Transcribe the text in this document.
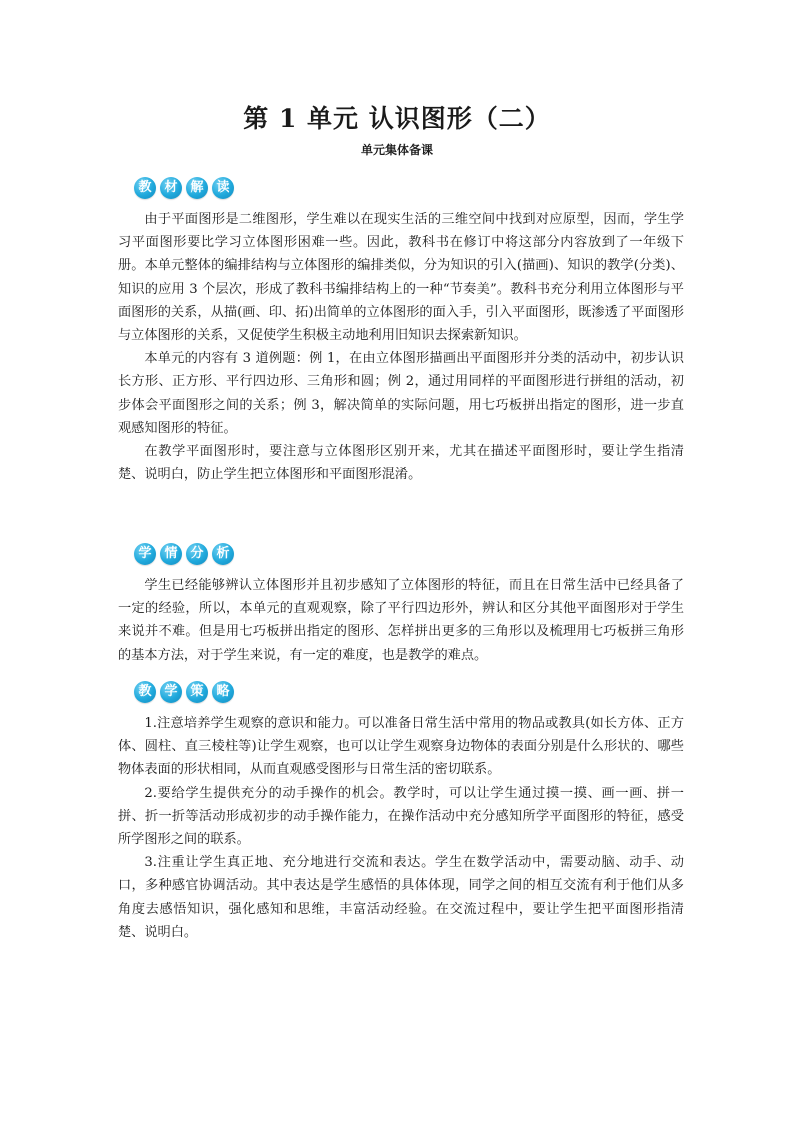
第 1 单元 认识图形（二）
单元集体备课
教 材 解 读

由于平面图形是二维图形，学生难以在现实生活的三维空间中找到对应原型，因而，学生学习平面图形要比学习立体图形困难一些。因此，教科书在修订中将这部分内容放到了一年级下册。本单元整体的编排结构与立体图形的编排类似，分为知识的引入(描画)、知识的教学(分类)、知识的应用 3 个层次，形成了教科书编排结构上的一种“节奏美”。教科书充分利用立体图形与平面图形的关系，从描(画、印、拓)出简单的立体图形的面入手，引入平面图形，既渗透了平面图形与立体图形的关系，又促使学生积极主动地利用旧知识去探索新知识。

本单元的内容有 3 道例题：例 1，在由立体图形描画出平面图形并分类的活动中，初步认识长方形、正方形、平行四边形、三角形和圆；例 2，通过用同样的平面图形进行拼组的活动，初步体会平面图形之间的关系；例 3，解决简单的实际问题，用七巧板拼出指定的图形，进一步直观感知图形的特征。

在教学平面图形时，要注意与立体图形区别开来，尤其在描述平面图形时，要让学生指清楚、说明白，防止学生把立体图形和平面图形混淆。

学 情 分 析

学生已经能够辨认立体图形并且初步感知了立体图形的特征，而且在日常生活中已经具备了一定的经验，所以，本单元的直观观察，除了平行四边形外，辨认和区分其他平面图形对于学生来说并不难。但是用七巧板拼出指定的图形、怎样拼出更多的三角形以及梳理用七巧板拼三角形的基本方法，对于学生来说，有一定的难度，也是教学的难点。

教 学 策 略

1.注意培养学生观察的意识和能力。可以准备日常生活中常用的物品或教具(如长方体、正方体、圆柱、直三棱柱等)让学生观察，也可以让学生观察身边物体的表面分别是什么形状的、哪些物体表面的形状相同，从而直观感受图形与日常生活的密切联系。

2.要给学生提供充分的动手操作的机会。教学时，可以让学生通过摸一摸、画一画、拼一拼、折一折等活动形成初步的动手操作能力，在操作活动中充分感知所学平面图形的特征，感受所学图形之间的联系。

3.注重让学生真正地、充分地进行交流和表达。学生在数学活动中，需要动脑、动手、动口，多种感官协调活动。其中表达是学生感悟的具体体现，同学之间的相互交流有利于他们从多角度去感悟知识，强化感知和思维，丰富活动经验。在交流过程中，要让学生把平面图形指清楚、说明白。
